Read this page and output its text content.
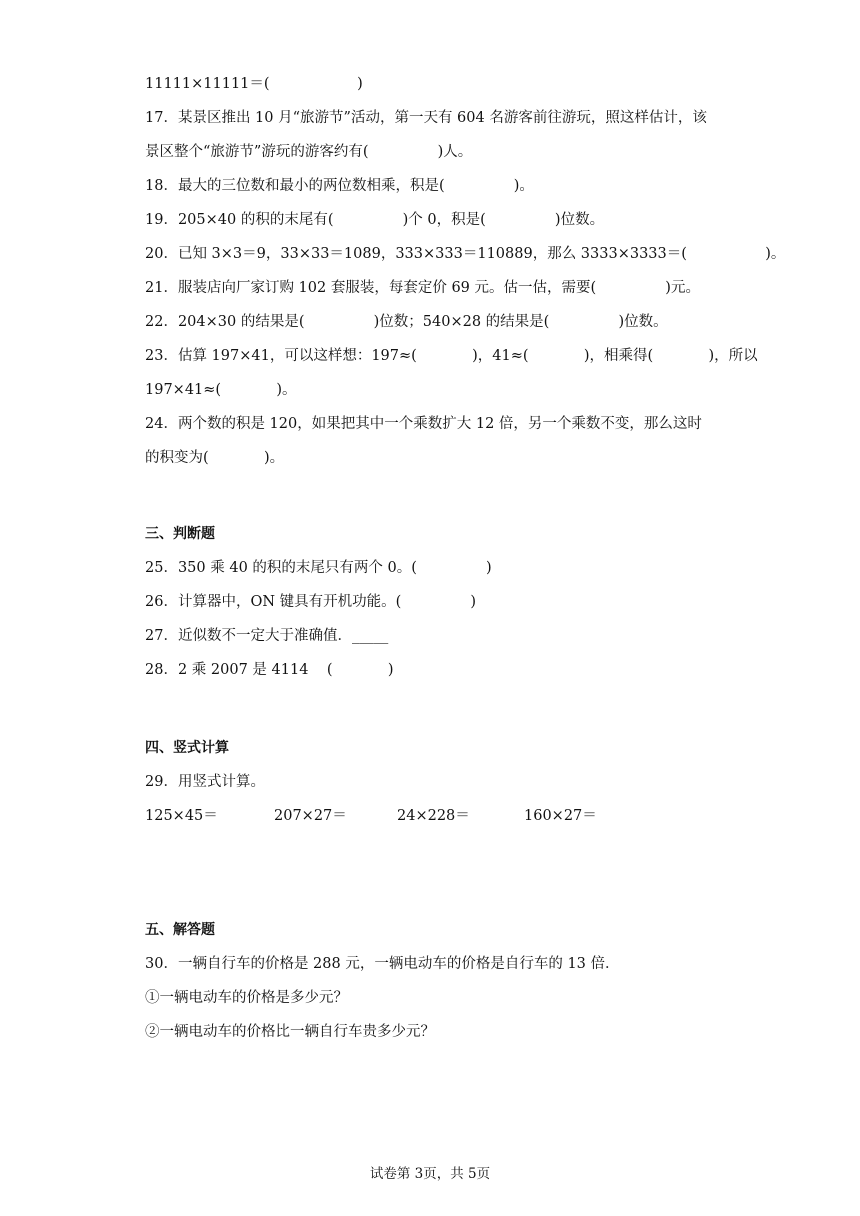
11111×11111＝(                   )
17．某景区推出 10 月“旅游节”活动，第一天有 604 名游客前往游玩，照这样估计，该
景区整个“旅游节”游玩的游客约有(               )人。
18．最大的三位数和最小的两位数相乘，积是(               )。
19．205×40 的积的末尾有(               )个 0，积是(               )位数。
20．已知 3×3＝9，33×33＝1089，333×333＝110889，那么 3333×3333＝(                 )。
21．服装店向厂家订购 102 套服装，每套定价 69 元。估一估，需要(               )元。
22．204×30 的结果是(               )位数；540×28 的结果是(               )位数。
23．估算 197×41，可以这样想：197≈(            )，41≈(            )，相乘得(            )，所以
197×41≈(            )。
24．两个数的积是 120，如果把其中一个乘数扩大 12 倍，另一个乘数不变，那么这时
的积变为(            )。
三、判断题
25．350 乘 40 的积的末尾只有两个 0。(               )
26．计算器中，ON 键具有开机功能。(               )
27．近似数不一定大于准确值．_____
28．2 乘 2007 是 4114    (            )
四、竖式计算
29．用竖式计算。
125×45＝	207×27＝	24×228＝	160×27＝
五、解答题
30．一辆自行车的价格是 288 元，一辆电动车的价格是自行车的 13 倍．
①一辆电动车的价格是多少元？
②一辆电动车的价格比一辆自行车贵多少元？
试卷第 3页，共 5页
